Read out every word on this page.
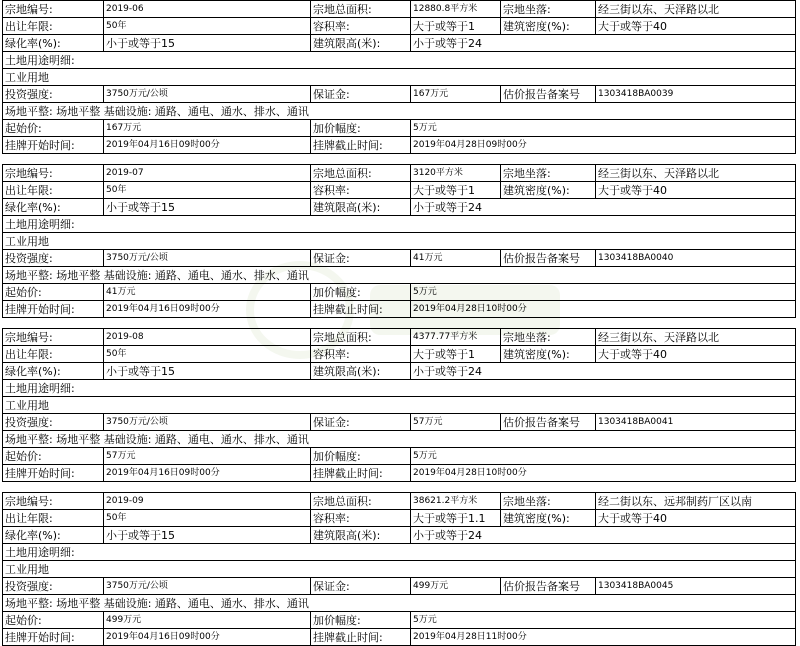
宗地编号:	2019-06	宗地总面积:	12880.8平方米	宗地坐落:	经三街以东、天泽路以北
出让年限:	50年	容积率:	大于或等于1	建筑密度(%):	大于或等于40
绿化率(%):	小于或等于15	建筑限高(米):	小于或等于24		
土地用途明细:					
工业用地					
投资强度:	3750万元/公顷	保证金:	167万元	估价报告备案号	1303418BA0039
场地平整: 场地平整 基础设施: 通路、通电、通水、排水、通讯					
起始价:	167万元	加价幅度:	5万元		
挂牌开始时间:	2019年04月16日09时00分	挂牌截止时间:	2019年04月28日09时00分		
宗地编号:	2019-07	宗地总面积:	3120平方米	宗地坐落:	经三街以东、天泽路以北
出让年限:	50年	容积率:	大于或等于1	建筑密度(%):	大于或等于40
绿化率(%):	小于或等于15	建筑限高(米):	小于或等于24		
土地用途明细:					
工业用地					
投资强度:	3750万元/公顷	保证金:	41万元	估价报告备案号	1303418BA0040
场地平整: 场地平整 基础设施: 通路、通电、通水、排水、通讯					
起始价:	41万元	加价幅度:	5万元		
挂牌开始时间:	2019年04月16日09时00分	挂牌截止时间:	2019年04月28日10时00分		
宗地编号:	2019-08	宗地总面积:	4377.77平方米	宗地坐落:	经三街以东、天泽路以北
出让年限:	50年	容积率:	大于或等于1	建筑密度(%):	大于或等于40
绿化率(%):	小于或等于15	建筑限高(米):	小于或等于24		
土地用途明细:					
工业用地					
投资强度:	3750万元/公顷	保证金:	57万元	估价报告备案号	1303418BA0041
场地平整: 场地平整 基础设施: 通路、通电、通水、排水、通讯					
起始价:	57万元	加价幅度:	5万元		
挂牌开始时间:	2019年04月16日09时00分	挂牌截止时间:	2019年04月28日10时00分		
宗地编号:	2019-09	宗地总面积:	38621.2平方米	宗地坐落:	经二街以东、远邦制药厂区以南
出让年限:	50年	容积率:	大于或等于1.1	建筑密度(%):	大于或等于40
绿化率(%):	小于或等于15	建筑限高(米):	小于或等于24		
土地用途明细:					
工业用地					
投资强度:	3750万元/公顷	保证金:	499万元	估价报告备案号	1303418BA0045
场地平整: 场地平整 基础设施: 通路、通电、通水、排水、通讯					
起始价:	499万元	加价幅度:	5万元		
挂牌开始时间:	2019年04月16日09时00分	挂牌截止时间:	2019年04月28日11时00分		
